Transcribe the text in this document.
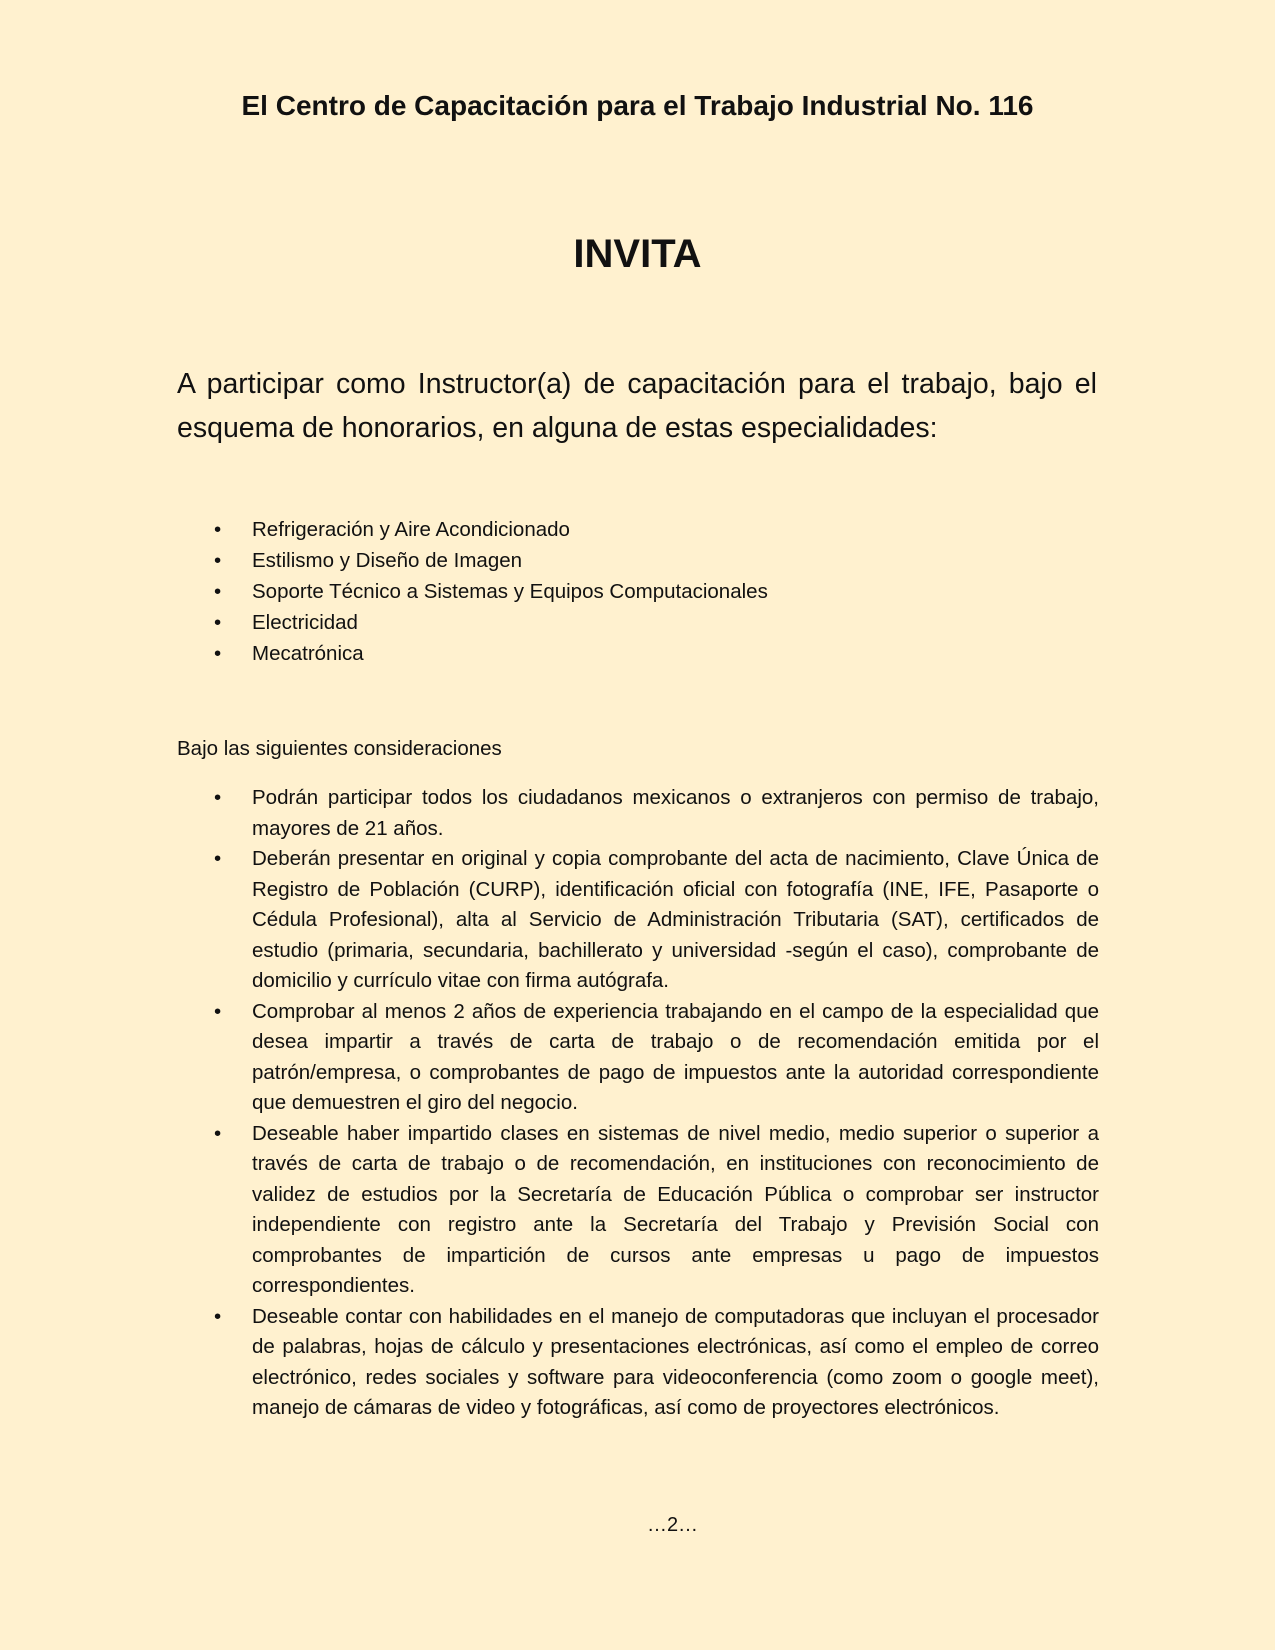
El Centro de Capacitación para el Trabajo Industrial No. 116
INVITA
A participar como Instructor(a) de capacitación para el trabajo, bajo el esquema de honorarios, en alguna de estas especialidades:
• Refrigeración y Aire Acondicionado
• Estilismo y Diseño de Imagen
• Soporte Técnico a Sistemas y Equipos Computacionales
• Electricidad
• Mecatrónica
Bajo las siguientes consideraciones
• Podrán participar todos los ciudadanos mexicanos o extranjeros con permiso de trabajo, mayores de 21 años.
• Deberán presentar en original y copia comprobante del acta de nacimiento, Clave Única de Registro de Población (CURP), identificación oficial con fotografía (INE, IFE, Pasaporte o Cédula Profesional), alta al Servicio de Administración Tributaria (SAT), certificados de estudio (primaria, secundaria, bachillerato y universidad -según el caso), comprobante de domicilio y currículo vitae con firma autógrafa.
• Comprobar al menos 2 años de experiencia trabajando en el campo de la especialidad que desea impartir a través de carta de trabajo o de recomendación emitida por el patrón/empresa, o comprobantes de pago de impuestos ante la autoridad correspondiente que demuestren el giro del negocio.
• Deseable haber impartido clases en sistemas de nivel medio, medio superior o superior a través de carta de trabajo o de recomendación, en instituciones con reconocimiento de validez de estudios por la Secretaría de Educación Pública o comprobar ser instructor independiente con registro ante la Secretaría del Trabajo y Previsión Social con comprobantes de impartición de cursos ante empresas u pago de impuestos correspondientes.
• Deseable contar con habilidades en el manejo de computadoras que incluyan el procesador de palabras, hojas de cálculo y presentaciones electrónicas, así como el empleo de correo electrónico, redes sociales y software para videoconferencia (como zoom o google meet), manejo de cámaras de video y fotográficas, así como de proyectores electrónicos.
…2…
